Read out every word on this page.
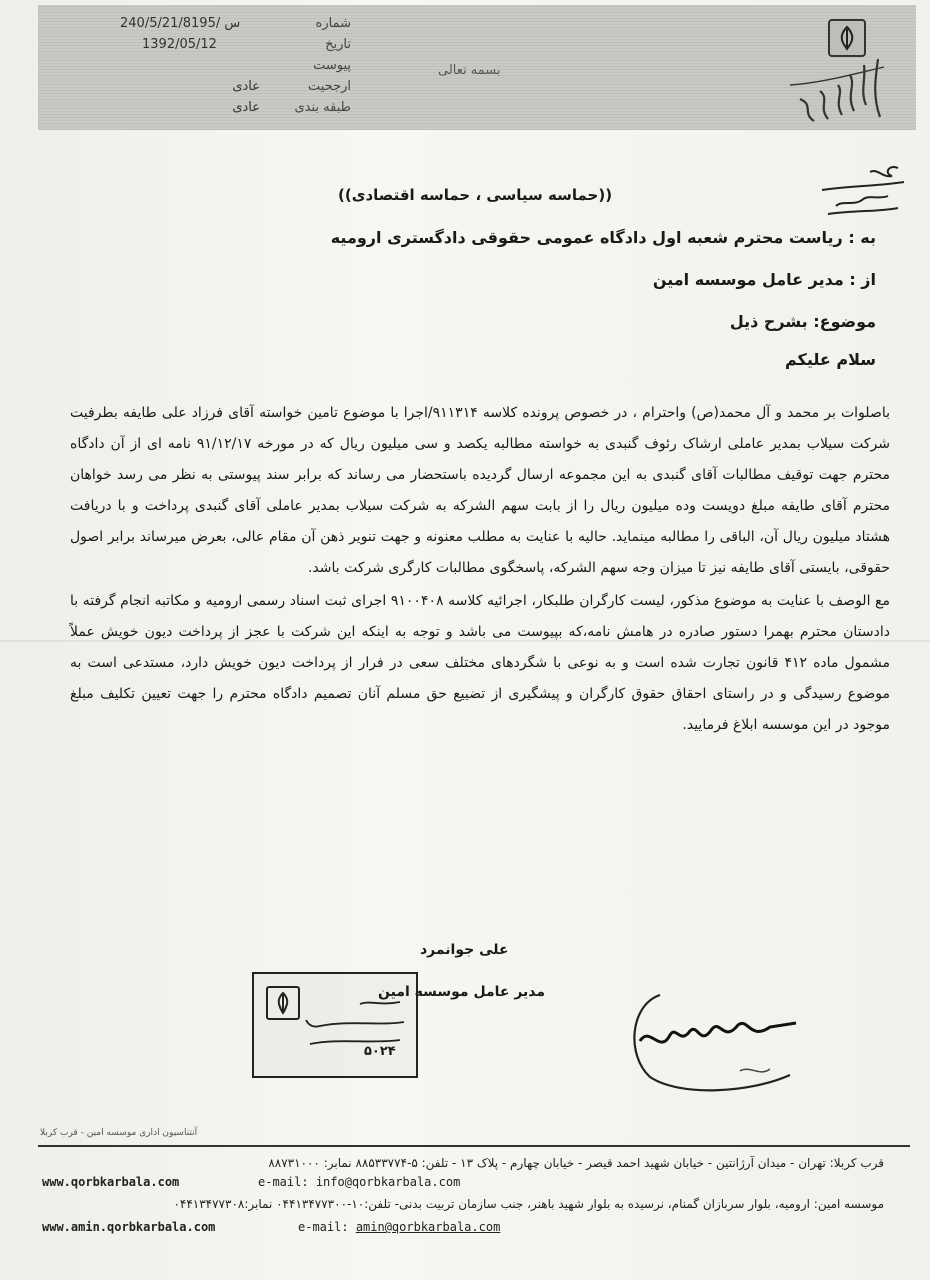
شماره
تاریخ
پیوست
ارجحیت
طبقه بندی
240/5/21/8195/ س
1392/05/12
عادی
عادی
بسمه تعالی
((حماسه سیاسی ، حماسه اقتصادی))
به : ریاست محترم شعبه اول دادگاه عمومی حقوقی دادگستری ارومیه
از : مدیر عامل موسسه امین
موضوع: بشرح ذیل
سلام علیکم

باصلوات بر محمد و آل محمد(ص) واحترام ، در خصوص پرونده کلاسه ۹۱۱۳۱۴/اجرا با موضوع تامین خواسته آقای فرزاد علی طایفه بطرفیت شرکت سیلاب بمدیر عاملی ارشاک رئوف گنبدی به خواسته مطالبه یکصد و سی میلیون ریال که در مورخه ۹۱/۱۲/۱۷ نامه ای از آن دادگاه محترم جهت توقیف مطالبات آقای گنبدی به این مجموعه ارسال گردیده باستحضار می رساند که برابر سند پیوستی به نظر می رسد خواهان محترم آقای طایفه مبلغ دویست وده میلیون ریال را از بابت سهم الشرکه به شرکت سیلاب بمدیر عاملی آقای گنبدی پرداخت و با دریافت هشتاد میلیون ریال آن، الباقی را مطالبه مینماید. حالیه با عنایت به مطلب معنونه و جهت تنویر ذهن آن مقام عالی، بعرض میرساند برابر اصول حقوقی، بایستی آقای طایفه نیز تا میزان وجه سهم الشرکه، پاسخگوی مطالبات کارگری شرکت باشد.

مع الوصف با عنایت به موضوع مذکور، لیست کارگران طلبکار، اجرائیه کلاسه ۹۱۰۰۴۰۸ اجرای ثبت اسناد رسمی ارومیه و مکاتبه انجام گرفته با دادستان محترم بهمرا دستور صادره در هامش نامه،که بپیوست می باشد و توجه به اینکه این شرکت با عجز از پرداخت دیون خویش عملاً مشمول ماده ۴۱۲ قانون تجارت شده است و به نوعی با شگردهای مختلف سعی در فرار از پرداخت دیون خویش دارد، مستدعی است به موضوع رسیدگی و در راستای احقاق حقوق کارگران و پیشگیری از تضییع حق مسلم آنان تصمیم دادگاه محترم را جهت تعیین تکلیف مبلغ موجود در این موسسه ابلاغ فرمایید.

علی جوانمرد
مدیر عامل موسسه امین
۵۰۲۴
آنتناسیون اداری موسسه امین - قرب کربلا
قرب کربلا: تهران - میدان آرژانتین - خیابان شهید احمد قیصر - خیابان چهارم - پلاک ۱۳ - تلفن: ۵-۸۸۵۳۳۷۷۴ نمابر: ۸۸۷۳۱۰۰۰
www.qorbkarbala.com	e-mail: info@qorbkarbala.com
موسسه امین: ارومیه، بلوار سربازان گمنام، نرسیده به بلوار شهید باهنر، جنب سازمان تربیت بدنی- تلفن:۱۰-۰۴۴۱۳۴۷۷۳۰۰ نمابر:۰۴۴۱۳۴۷۷۳۰۸
www.amin.qorbkarbala.com	e-mail: amin@qorbkarbala.com
